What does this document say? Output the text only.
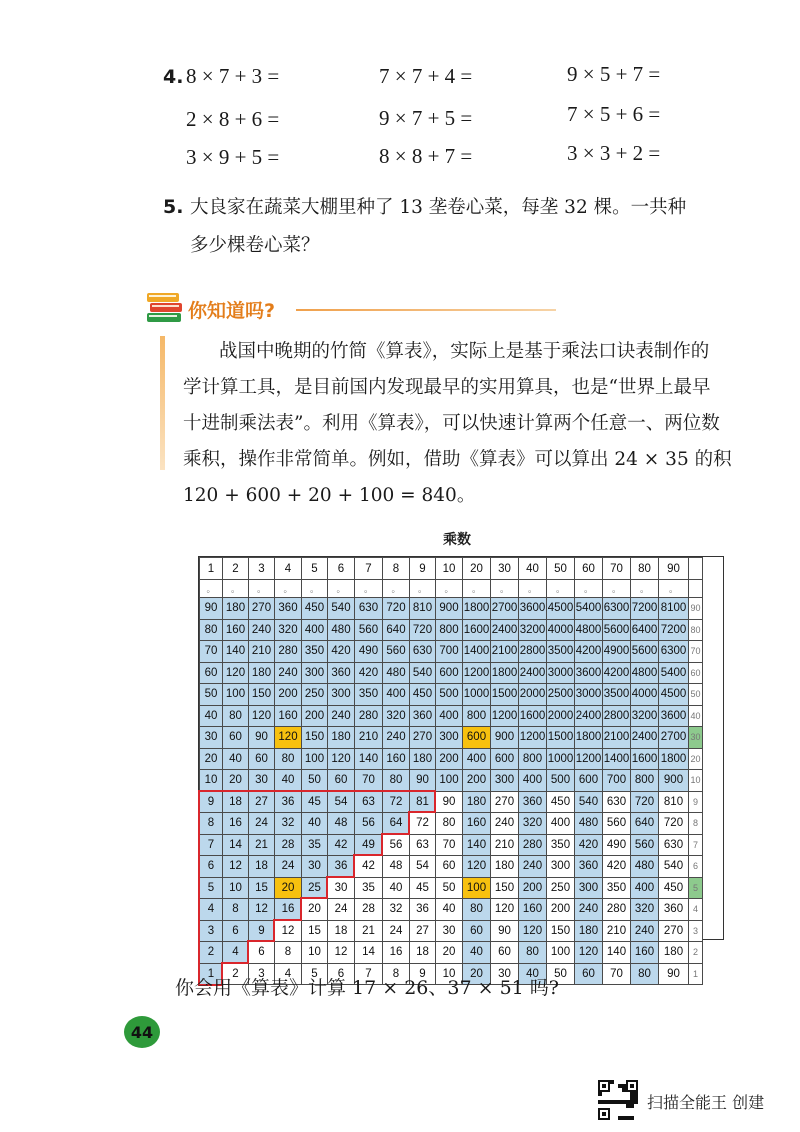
4. 8 × 7 + 3 =	7 × 7 + 4 =	9 × 5 + 7 =
2 × 8 + 6 =	9 × 7 + 5 =	7 × 5 + 6 =
3 × 9 + 5 =	8 × 8 + 7 =	3 × 3 + 2 =
5. 大良家在蔬菜大棚里种了 13 垄卷心菜，每垄 32 棵。一共种
多少棵卷心菜？
你知道吗?
战国中晚期的竹简《算表》，实际上是基于乘法口诀表制作的
学计算工具，是目前国内发现最早的实用算具，也是“世界上最早
十进制乘法表”。利用《算表》，可以快速计算两个任意一、两位数
乘积，操作非常简单。例如，借助《算表》可以算出 24 × 35 的积
120 + 600 + 20 + 100 = 840。
乘数
1	2	3	4	5	6	7	8	9	10	20	30	40	50	60	70	80	90	
。	。	。	。	。	。	。	。	。	。	。	。	。	。	。	。	。	。	
90	180	270	360	450	540	630	720	810	900	1800	2700	3600	4500	5400	6300	7200	8100	90
80	160	240	320	400	480	560	640	720	800	1600	2400	3200	4000	4800	5600	6400	7200	80
70	140	210	280	350	420	490	560	630	700	1400	2100	2800	3500	4200	4900	5600	6300	70
60	120	180	240	300	360	420	480	540	600	1200	1800	2400	3000	3600	4200	4800	5400	60
50	100	150	200	250	300	350	400	450	500	1000	1500	2000	2500	3000	3500	4000	4500	50
40	80	120	160	200	240	280	320	360	400	800	1200	1600	2000	2400	2800	3200	3600	40
30	60	90	120	150	180	210	240	270	300	600	900	1200	1500	1800	2100	2400	2700	30
20	40	60	80	100	120	140	160	180	200	400	600	800	1000	1200	1400	1600	1800	20
10	20	30	40	50	60	70	80	90	100	200	300	400	500	600	700	800	900	10
9	18	27	36	45	54	63	72	81	90	180	270	360	450	540	630	720	810	9
8	16	24	32	40	48	56	64	72	80	160	240	320	400	480	560	640	720	8
7	14	21	28	35	42	49	56	63	70	140	210	280	350	420	490	560	630	7
6	12	18	24	30	36	42	48	54	60	120	180	240	300	360	420	480	540	6
5	10	15	20	25	30	35	40	45	50	100	150	200	250	300	350	400	450	5
4	8	12	16	20	24	28	32	36	40	80	120	160	200	240	280	320	360	4
3	6	9	12	15	18	21	24	27	30	60	90	120	150	180	210	240	270	3
2	4	6	8	10	12	14	16	18	20	40	60	80	100	120	140	160	180	2
1	2	3	4	5	6	7	8	9	10	20	30	40	50	60	70	80	90	1
你会用《算表》计算 17 × 26、37 × 51 吗?
44
扫描全能王 创建
